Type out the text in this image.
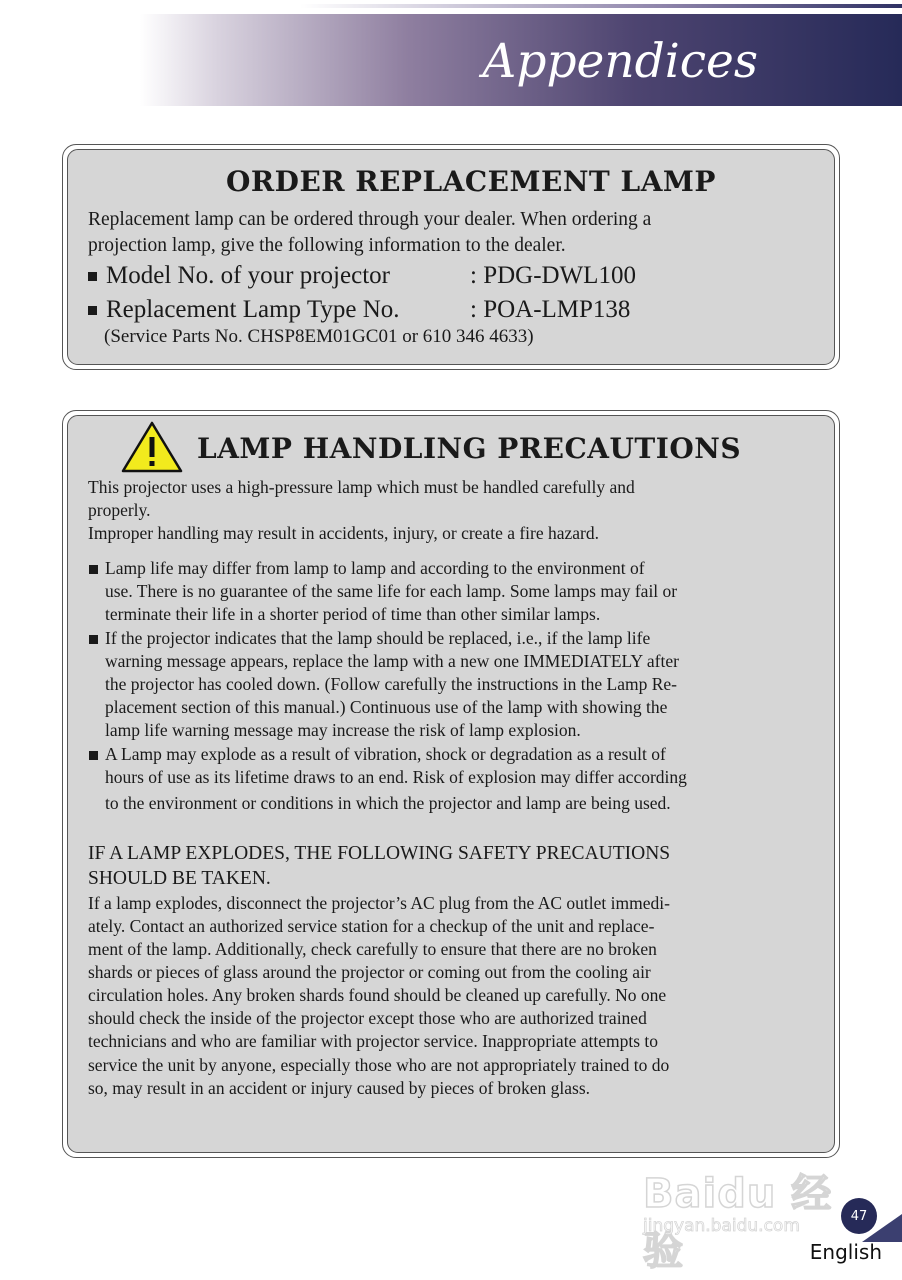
Appendices
ORDER REPLACEMENT LAMP
Replacement lamp can be ordered through your dealer. When ordering a
projection lamp, give the following information to the dealer.
Model No. of your projector	: PDG-DWL100
Replacement Lamp Type No.	: POA-LMP138
(Service Parts No. CHSP8EM01GC01 or 610 346 4633)
LAMP HANDLING PRECAUTIONS
This projector uses a high-pressure lamp which must be handled carefully and
properly.
Improper handling may result in accidents, injury, or create a fire hazard.
Lamp life may differ from lamp to lamp and according to the environment of
use. There is no guarantee of the same life for each lamp. Some lamps may fail or
terminate their life in a shorter period of time than other similar lamps.
If the projector indicates that the lamp should be replaced, i.e., if the lamp life
warning message appears, replace the lamp with a new one IMMEDIATELY after
the projector has cooled down. (Follow carefully the instructions in the Lamp Re-
placement section of this manual.) Continuous use of the lamp with showing the
lamp life warning message may increase the risk of lamp explosion.
A Lamp may explode as a result of vibration, shock or degradation as a result of
hours of use as its lifetime draws to an end. Risk of explosion may differ according
to the environment or conditions in which the projector and lamp are being used.
IF A LAMP EXPLODES, THE FOLLOWING SAFETY PRECAUTIONS
SHOULD BE TAKEN.
If a lamp explodes, disconnect the projector’s AC plug from the AC outlet immedi-
ately. Contact an authorized service station for a checkup of the unit and replace-
ment of the lamp. Additionally, check carefully to ensure that there are no broken
shards or pieces of glass around the projector or coming out from the cooling air
circulation holes. Any broken shards found should be cleaned up carefully. No one
should check the inside of the projector except those who are authorized trained
technicians and who are familiar with projector service. Inappropriate attempts to
service the unit by anyone, especially those who are not appropriately trained to do
so, may result in an accident or injury caused by pieces of broken glass.
Baidu 经验
jingyan.baidu.com	47
English
